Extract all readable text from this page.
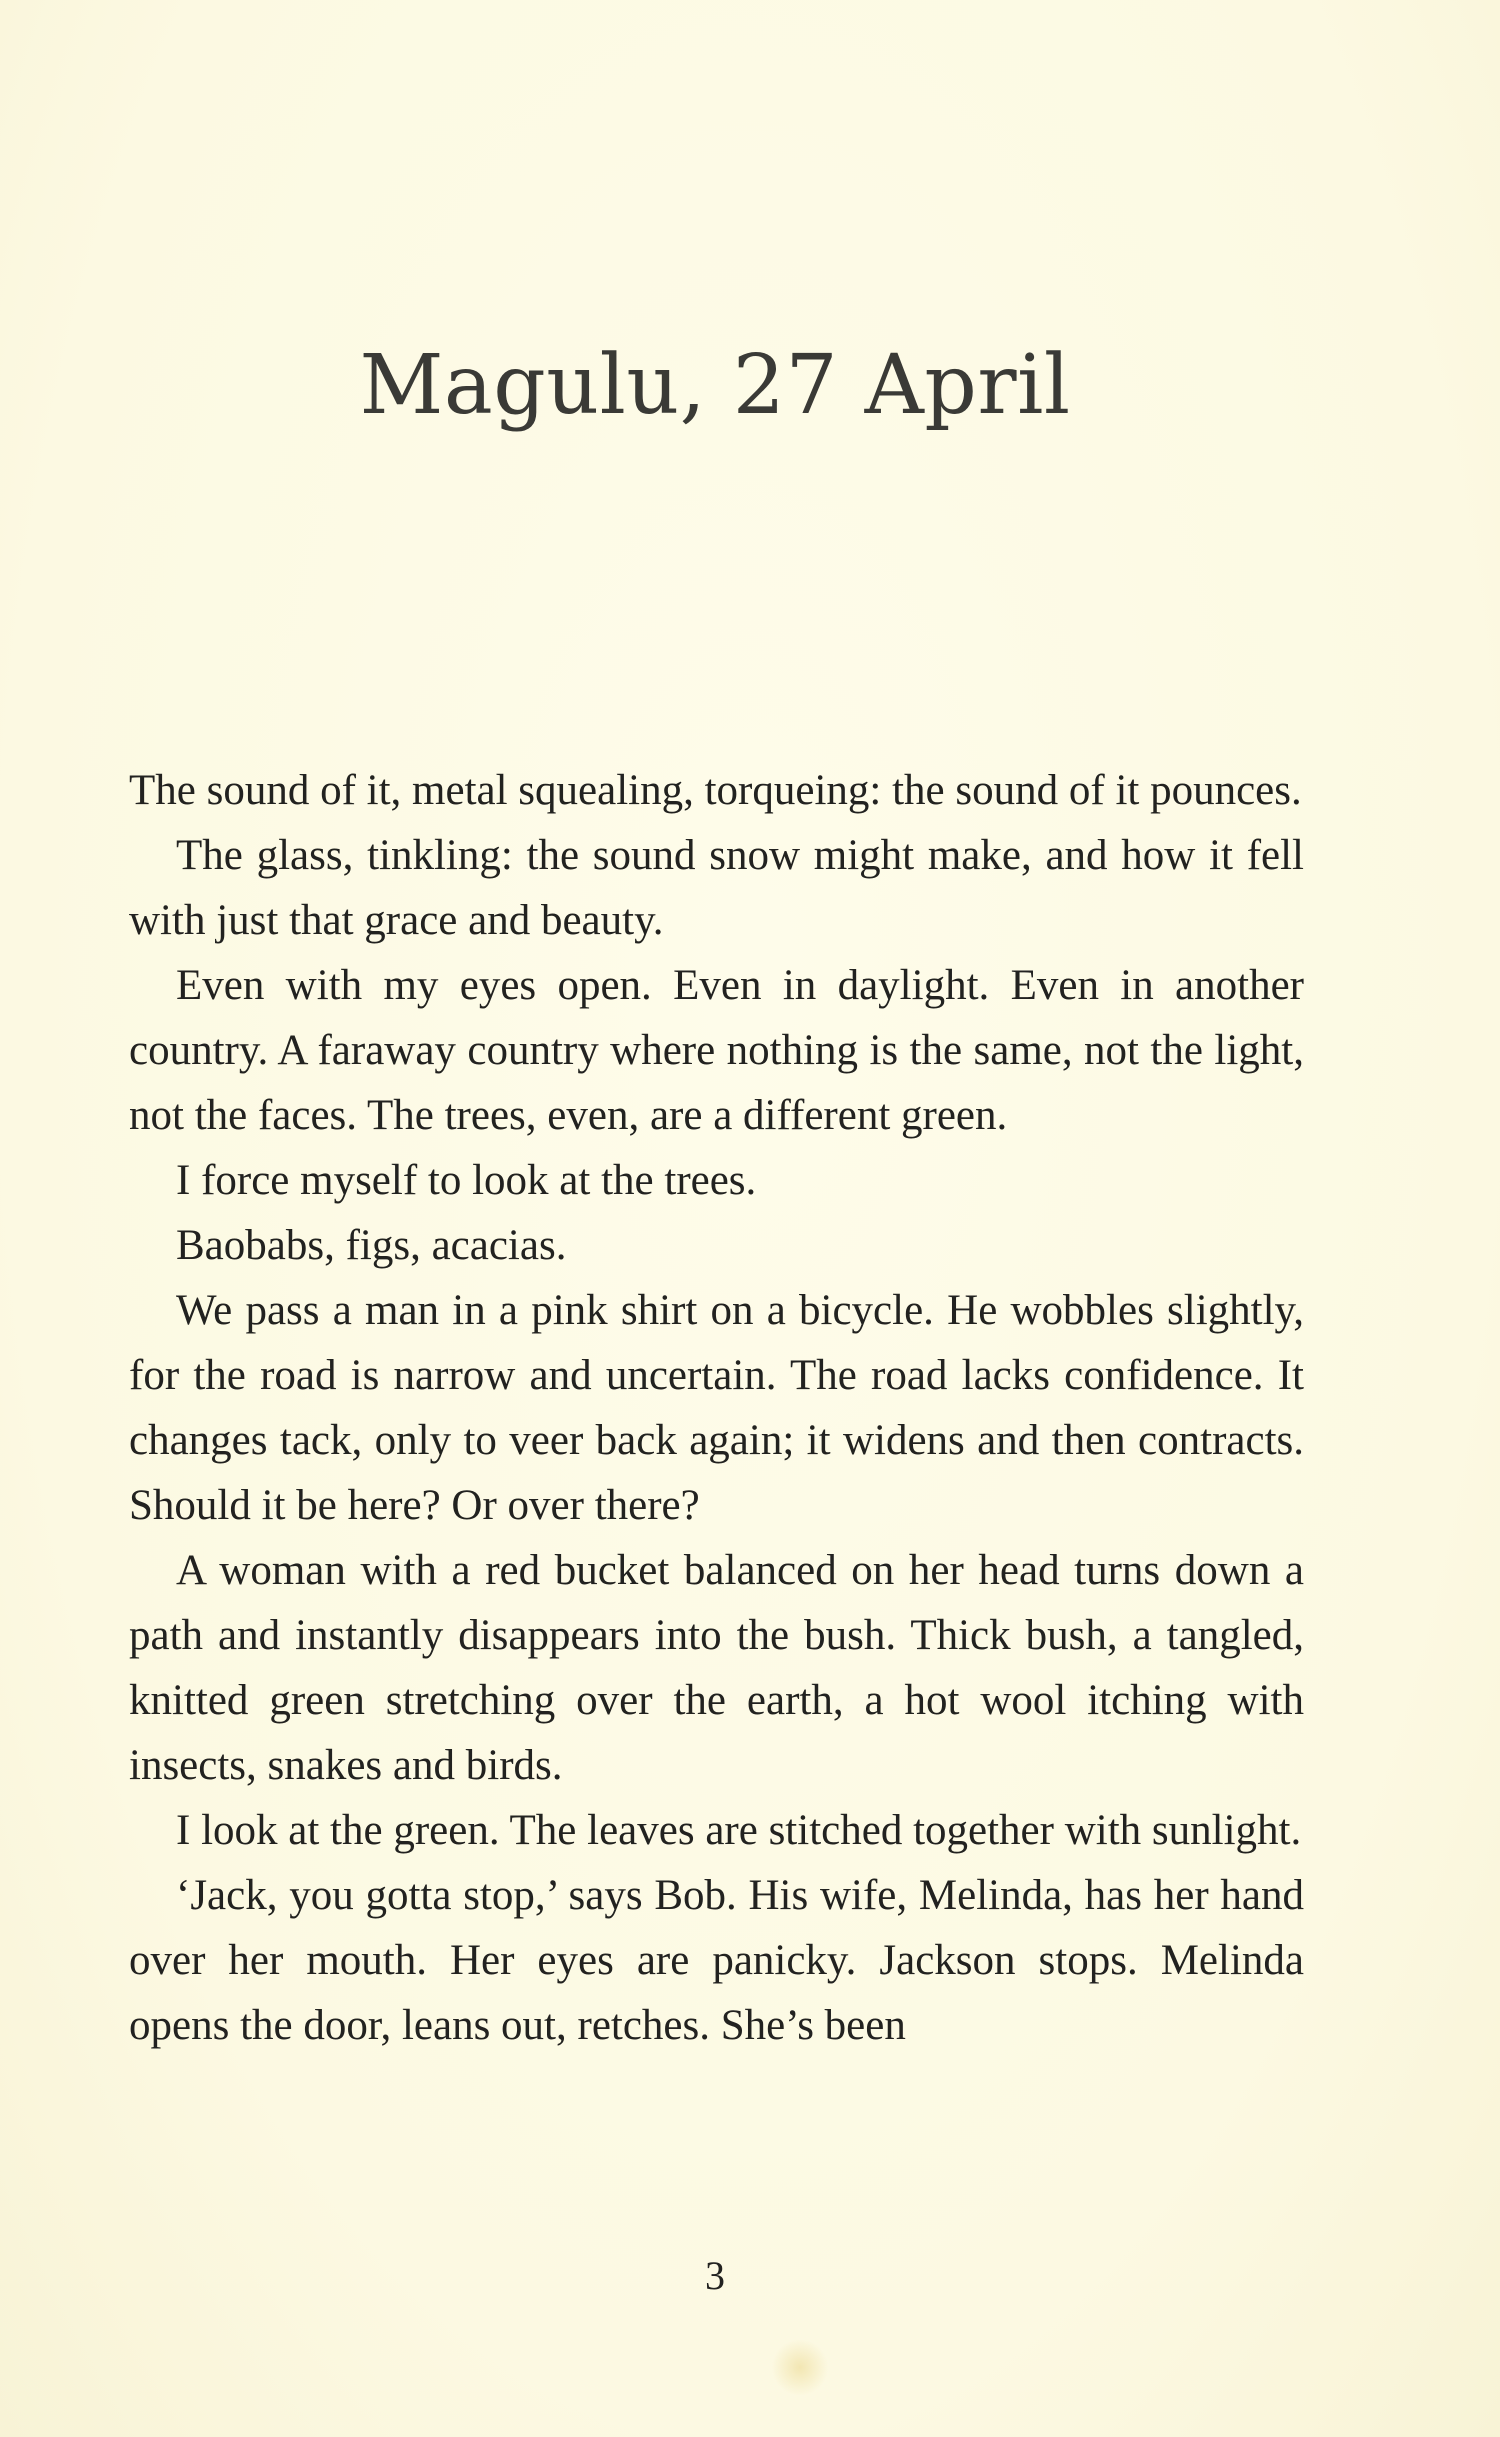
Magulu, 27 April

The sound of it, metal squealing, torqueing: the sound of it pounces.

The glass, tinkling: the sound snow might make, and how it fell with just that grace and beauty.

Even with my eyes open. Even in daylight. Even in another country. A faraway country where nothing is the same, not the light, not the faces. The trees, even, are a different green.

I force myself to look at the trees.

Baobabs, figs, acacias.

We pass a man in a pink shirt on a bicycle. He wobbles slightly, for the road is narrow and uncertain. The road lacks confidence. It changes tack, only to veer back again; it widens and then contracts. Should it be here? Or over there?

A woman with a red bucket balanced on her head turns down a path and instantly disappears into the bush. Thick bush, a tangled, knitted green stretching over the earth, a hot wool itching with insects, snakes and birds.

I look at the green. The leaves are stitched together with sunlight.

‘Jack, you gotta stop,’ says Bob. His wife, Melinda, has her hand over her mouth. Her eyes are panicky. Jackson stops. Melinda opens the door, leans out, retches. She’s been

3
